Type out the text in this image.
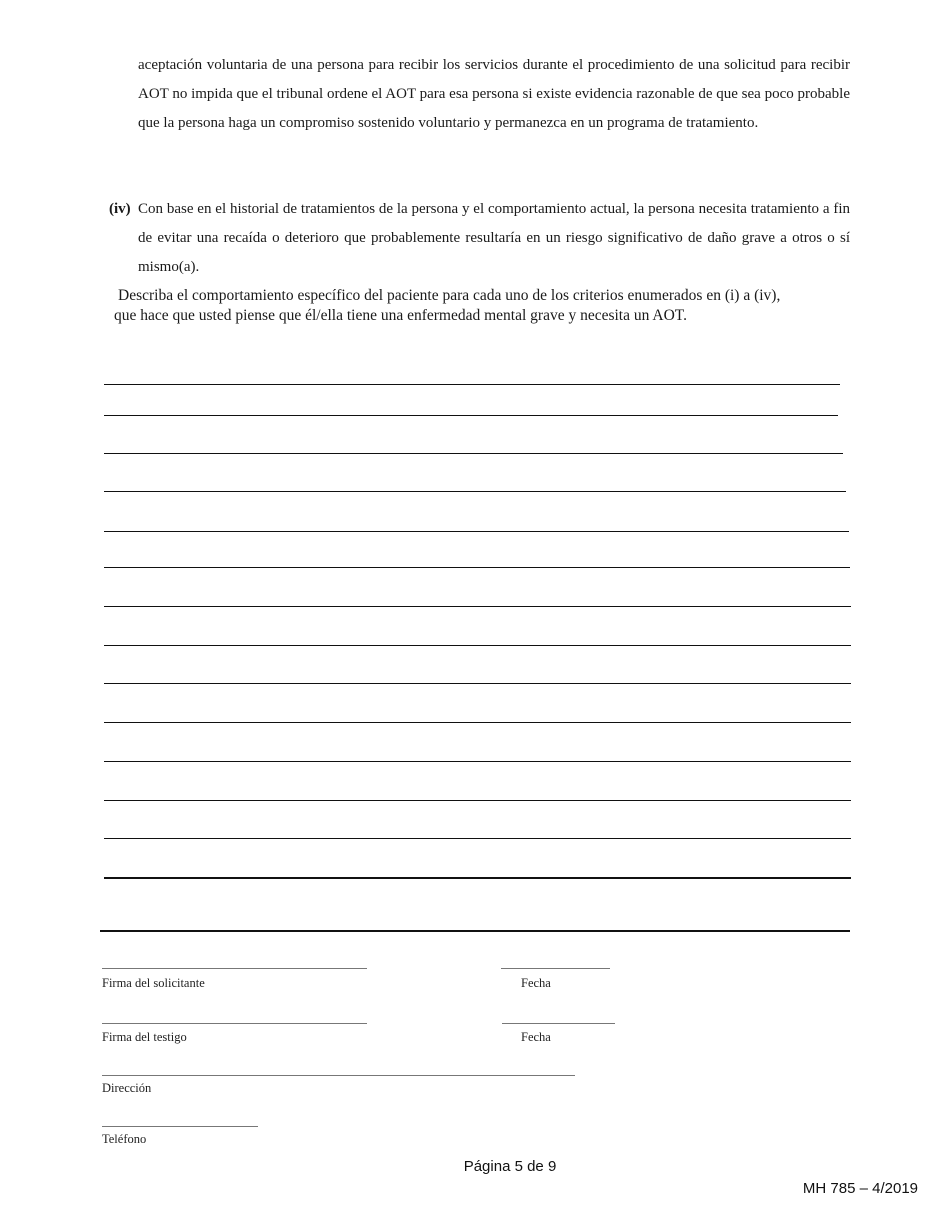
aceptación voluntaria de una persona para recibir los servicios durante el procedimiento de una solicitud para recibir AOT no impida que el tribunal ordene el AOT para esa persona si existe evidencia razonable de que sea poco probable que la persona haga un compromiso sostenido voluntario y permanezca en un programa de tratamiento.

(iv) Con base en el historial de tratamientos de la persona y el comportamiento actual, la persona necesita tratamiento a fin de evitar una recaída o deterioro que probablemente resultaría en un riesgo significativo de daño grave a otros o sí mismo(a).

Describa el comportamiento específico del paciente para cada uno de los criterios enumerados en (i) a (iv),
que hace que usted piense que él/ella tiene una enfermedad mental grave y necesita un AOT.
Firma del solicitante	Fecha
Firma del testigo	Fecha
Dirección
Teléfono
Página 5 de 9
MH 785 – 4/2019
